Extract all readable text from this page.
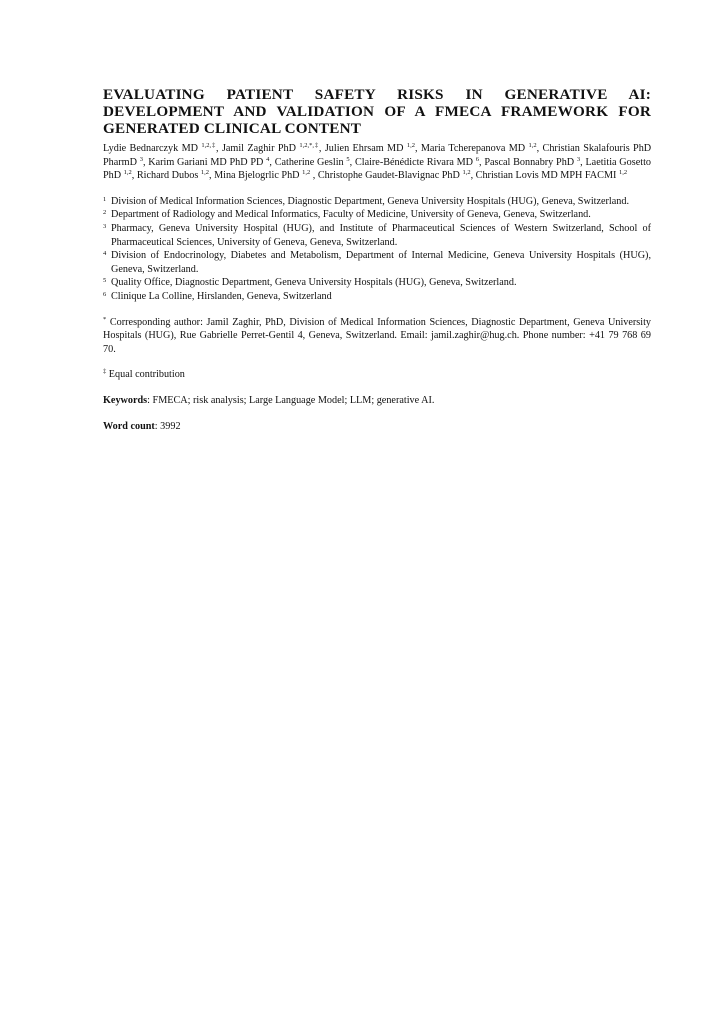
EVALUATING PATIENT SAFETY RISKS IN GENERATIVE AI:
DEVELOPMENT AND VALIDATION OF A FMECA FRAMEWORK FOR
GENERATED CLINICAL CONTENT
Lydie Bednarczyk MD $^{1,2,\ddagger}$, Jamil Zaghir PhD $^{1,2,*,\ddagger}$, Julien Ehrsam MD $^{1,2}$, Maria Tcherepanova MD $^{1,2}$, Christian Skalafouris PhD PharmD $^3$, Karim Gariani MD PhD PD $^4$, Catherine Geslin $^5$, Claire-Bénédicte Rivara MD $^6$, Pascal Bonnabry PhD $^3$, Laetitia Gosetto PhD $^{1,2}$, Richard Dubos $^{1,2}$, Mina Bjelogrlic PhD $^{1,2}$ , Christophe Gaudet-Blavignac PhD $^{1,2}$, Christian Lovis MD MPH FACMI $^{1,2}$
1 Division of Medical Information Sciences, Diagnostic Department, Geneva University Hospitals (HUG), Geneva, Switzerland.
2 Department of Radiology and Medical Informatics, Faculty of Medicine, University of Geneva, Geneva, Switzerland.
3 Pharmacy, Geneva University Hospital (HUG), and Institute of Pharmaceutical Sciences of Western Switzerland, School of Pharmaceutical Sciences, University of Geneva, Geneva, Switzerland.
4 Division of Endocrinology, Diabetes and Metabolism, Department of Internal Medicine, Geneva University Hospitals (HUG), Geneva, Switzerland.
5 Quality Office, Diagnostic Department, Geneva University Hospitals (HUG), Geneva, Switzerland.
6 Clinique La Colline, Hirslanden, Geneva, Switzerland
* Corresponding author: Jamil Zaghir, PhD, Division of Medical Information Sciences, Diagnostic Department, Geneva University Hospitals (HUG), Rue Gabrielle Perret-Gentil 4, Geneva, Switzerland. Email: jamil.zaghir@hug.ch. Phone number: +41 79 768 69 70.
‡ Equal contribution
Keywords: FMECA; risk analysis; Large Language Model; LLM; generative AI.
Word count: 3992
